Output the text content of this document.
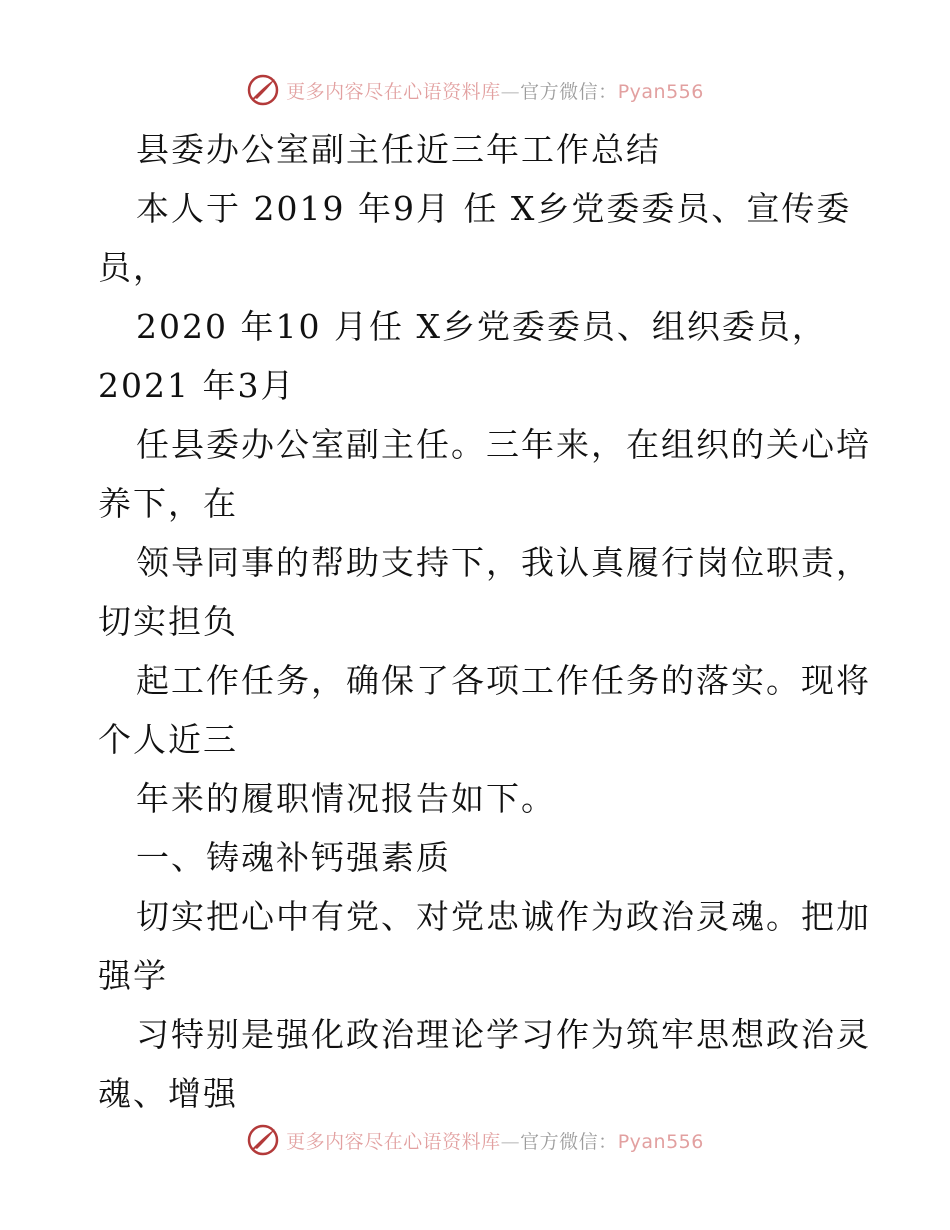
更多内容尽在心语资料库—官方微信：Pyan556
县委办公室副主任近三年工作总结
本人于 2019 年9月 任 X乡党委委员、宣传委
员，
2020 年10 月任 X乡党委委员、组织委员，
2021 年3月
任县委办公室副主任。三年来，在组织的关心培
养下，在
领导同事的帮助支持下，我认真履行岗位职责，
切实担负
起工作任务，确保了各项工作任务的落实。现将
个人近三
年来的履职情况报告如下。
一、铸魂补钙强素质
切实把心中有党、对党忠诚作为政治灵魂。把加
强学
习特别是强化政治理论学习作为筑牢思想政治灵
魂、增强
更多内容尽在心语资料库—官方微信：Pyan556
